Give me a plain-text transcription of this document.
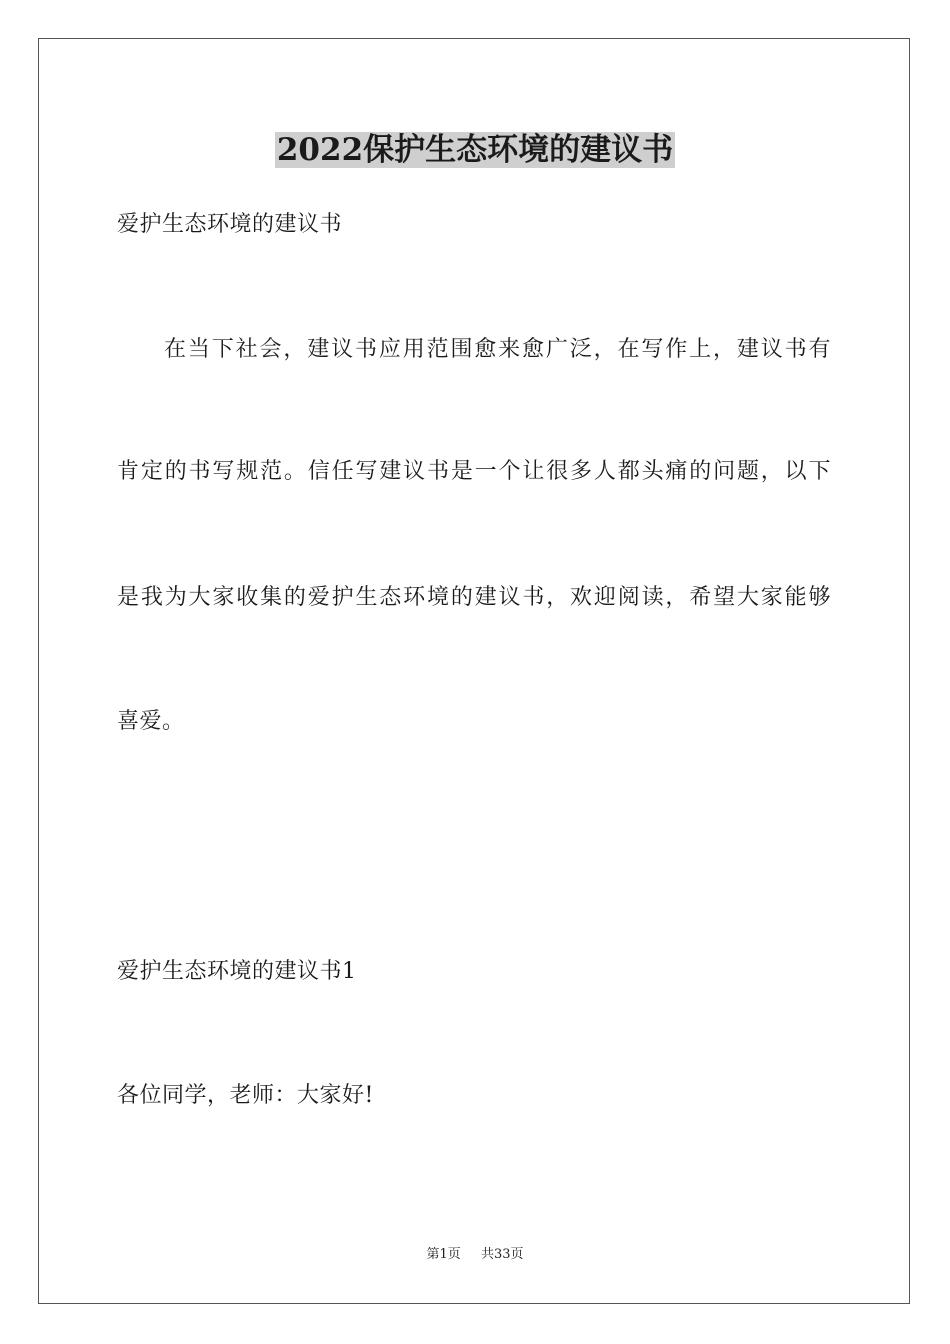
2022保护生态环境的建议书
爱护生态环境的建议书
在当下社会，建议书应用范围愈来愈广泛，在写作上，建议书有
肯定的书写规范。信任写建议书是一个让很多人都头痛的问题，以下
是我为大家收集的爱护生态环境的建议书，欢迎阅读，希望大家能够
喜爱。
爱护生态环境的建议书1
各位同学，老师：大家好!
第1页 共33页
